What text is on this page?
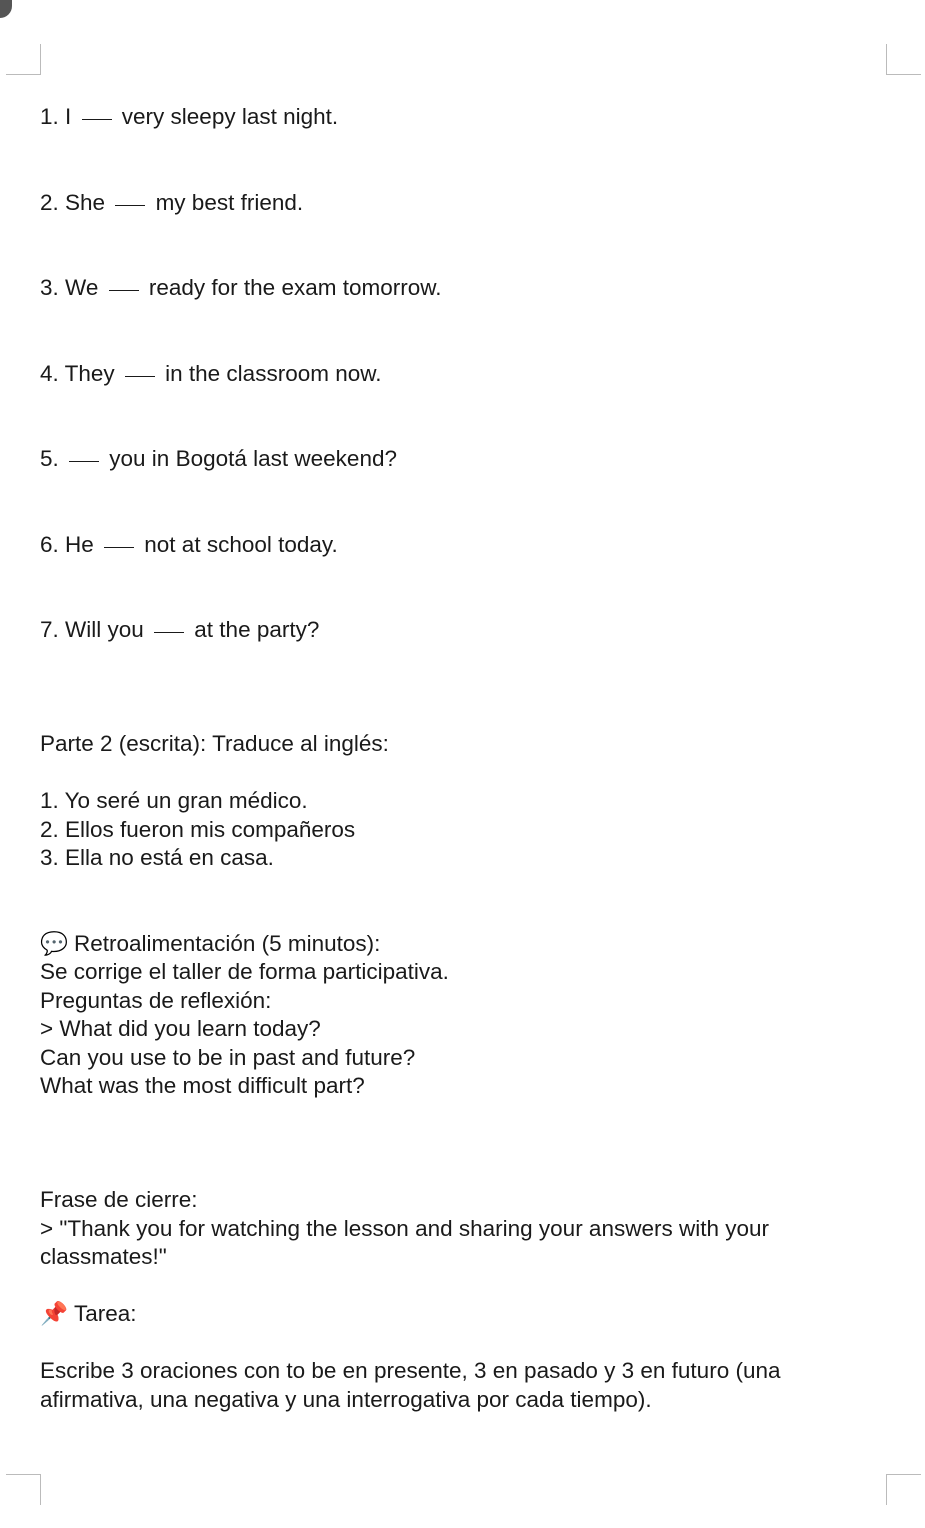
1. I  very sleepy last night.
2. She  my best friend.
3. We  ready for the exam tomorrow.
4. They  in the classroom now.
5.  you in Bogotá last weekend?
6. He  not at school today.
7. Will you  at the party?
Parte 2 (escrita): Traduce al inglés:
1. Yo seré un gran médico.
2. Ellos fueron mis compañeros
3. Ella no está en casa.
💬 Retroalimentación (5 minutos):
Se corrige el taller de forma participativa.
Preguntas de reflexión:
> What did you learn today?
Can you use to be in past and future?
What was the most difficult part?
Frase de cierre:
> "Thank you for watching the lesson and sharing your answers with your
classmates!"
📌 Tarea:
Escribe 3 oraciones con to be en presente, 3 en pasado y 3 en futuro (una
afirmativa, una negativa y una interrogativa por cada tiempo).
